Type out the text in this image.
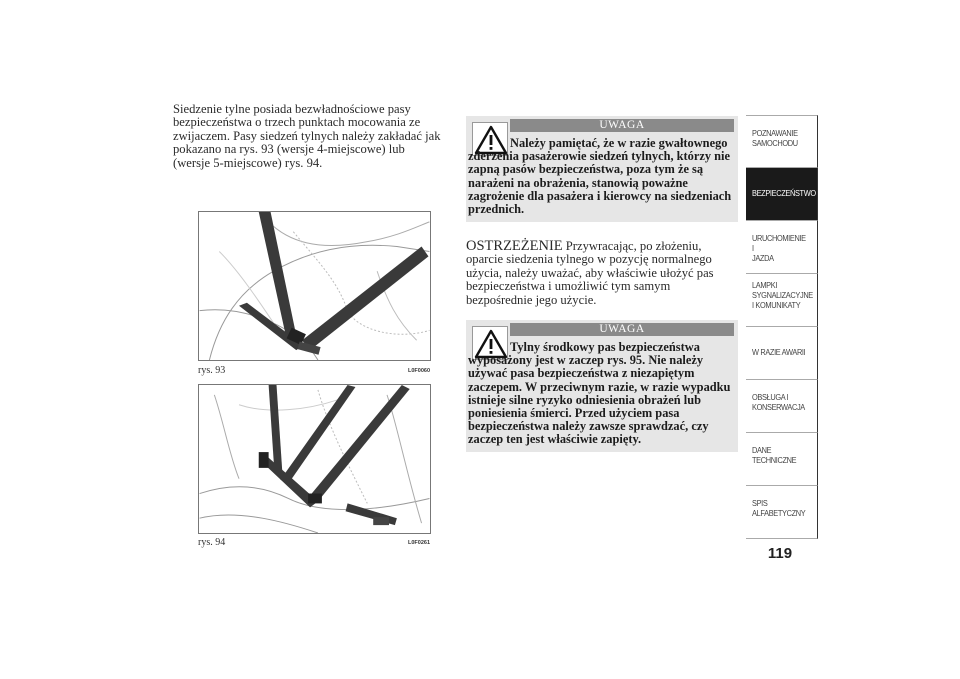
Siedzenie tylne posiada bezwładnościowe pasy bezpieczeństwa o trzech punktach mocowania ze zwijaczem. Pasy siedzeń tylnych należy zakładać jak pokazano na rys. 93 (wersje 4-miejscowe) lub (wersje 5-miejscowe) rys. 94.

rys. 93	L0F0060
rys. 94	L0F0261
UWAGA

Należy pamiętać, że w razie gwałtownego zderzenia pasażerowie siedzeń tylnych, którzy nie zapną pasów bezpieczeństwa, poza tym że są narażeni na obrażenia, stanowią poważne zagrożenie dla pasażera i kierowcy na siedzeniach przednich.

OSTRZEŻENIE Przywracając, po złożeniu, oparcie siedzenia tylnego w pozycję normalnego użycia, należy uważać, aby właściwie ułożyć pas bezpieczeństwa i umożliwić tym samym bezpośrednie jego użycie.

UWAGA

Tylny środkowy pas bezpieczeństwa wyposażony jest w zaczep rys. 95. Nie należy używać pasa bezpieczeństwa z niezapiętym zaczepem. W przeciwnym razie, w razie wypadku istnieje silne ryzyko odniesienia obrażeń lub poniesienia śmierci. Przed użyciem pasa bezpieczeństwa należy zawsze sprawdzać, czy zaczep ten jest właściwie zapięty.

POZNAWANIE
SAMOCHODU
BEZPIECZEŃSTWO
URUCHOMIENIE I
JAZDA
LAMPKI
SYGNALIZACYJNE
I KOMUNIKATY
W RAZIE AWARII
OBSŁUGA I
KONSERWACJA
DANE
TECHNICZNE
SPIS
ALFABETYCZNY
119
